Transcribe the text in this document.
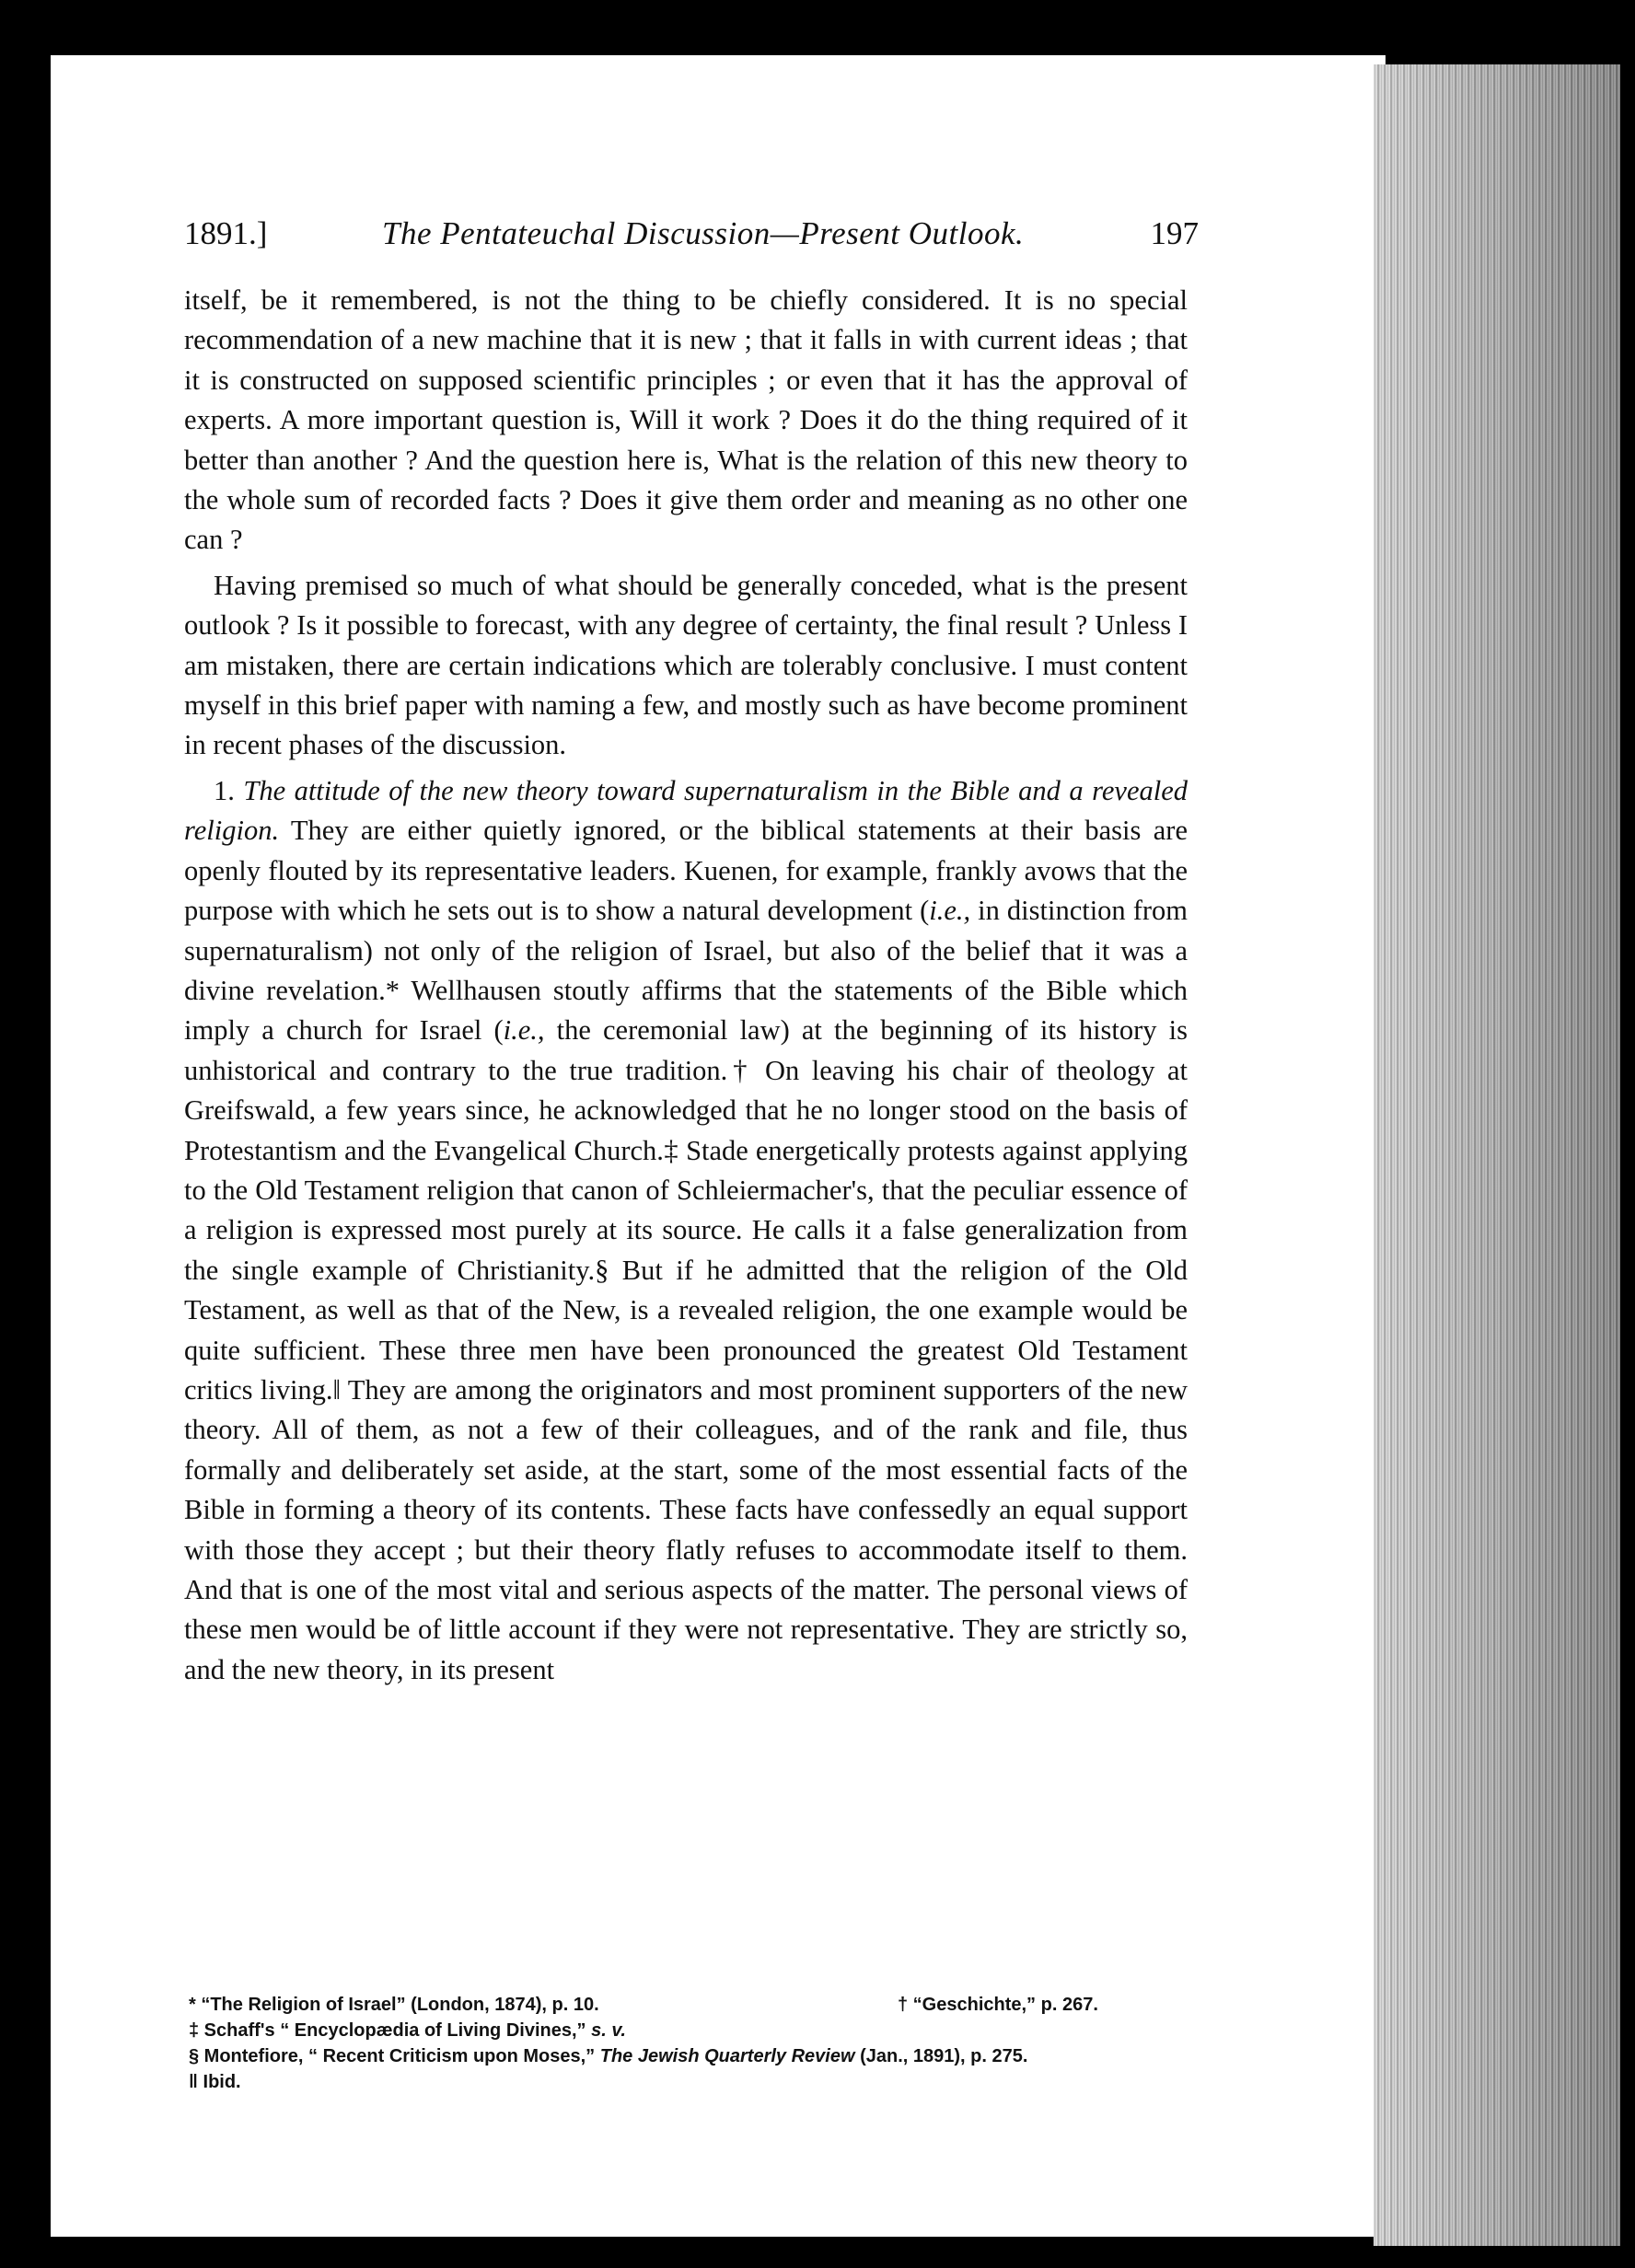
1891.]	The Pentateuchal Discussion—Present Outlook.	197

itself, be it remembered, is not the thing to be chiefly considered. It is no special recommendation of a new machine that it is new ; that it falls in with current ideas ; that it is constructed on supposed scientific principles ; or even that it has the approval of experts. A more important question is, Will it work ? Does it do the thing required of it better than another ? And the question here is, What is the relation of this new theory to the whole sum of recorded facts ? Does it give them order and meaning as no other one can ?

Having premised so much of what should be generally conceded, what is the present outlook ? Is it possible to forecast, with any degree of certainty, the final result ? Unless I am mistaken, there are certain indications which are tolerably conclusive. I must content myself in this brief paper with naming a few, and mostly such as have become prominent in recent phases of the discussion.

1. The attitude of the new theory toward supernaturalism in the Bible and a revealed religion. They are either quietly ignored, or the biblical statements at their basis are openly flouted by its representative leaders. Kuenen, for example, frankly avows that the purpose with which he sets out is to show a natural development (i.e., in distinction from supernaturalism) not only of the religion of Israel, but also of the belief that it was a divine revelation.* Wellhausen stoutly affirms that the statements of the Bible which imply a church for Israel (i.e., the ceremonial law) at the beginning of its history is unhistorical and contrary to the true tradition.† On leaving his chair of theology at Greifswald, a few years since, he acknowledged that he no longer stood on the basis of Protestantism and the Evangelical Church.‡ Stade energetically protests against applying to the Old Testament religion that canon of Schleiermacher's, that the peculiar essence of a religion is expressed most purely at its source. He calls it a false generalization from the single example of Christianity.§ But if he admitted that the religion of the Old Testament, as well as that of the New, is a revealed religion, the one example would be quite sufficient. These three men have been pronounced the greatest Old Testament critics living.‖ They are among the originators and most prominent supporters of the new theory. All of them, as not a few of their colleagues, and of the rank and file, thus formally and deliberately set aside, at the start, some of the most essential facts of the Bible in forming a theory of its contents. These facts have confessedly an equal support with those they accept ; but their theory flatly refuses to accommodate itself to them. And that is one of the most vital and serious aspects of the matter. The personal views of these men would be of little account if they were not representative. They are strictly so, and the new theory, in its present

* “The Religion of Israel” (London, 1874), p. 10.	† “Geschichte,” p. 267.
‡ Schaff's “ Encyclopædia of Living Divines,” s. v.
§ Montefiore, “ Recent Criticism upon Moses,” The Jewish Quarterly Review (Jan., 1891), p. 275.
‖ Ibid.
